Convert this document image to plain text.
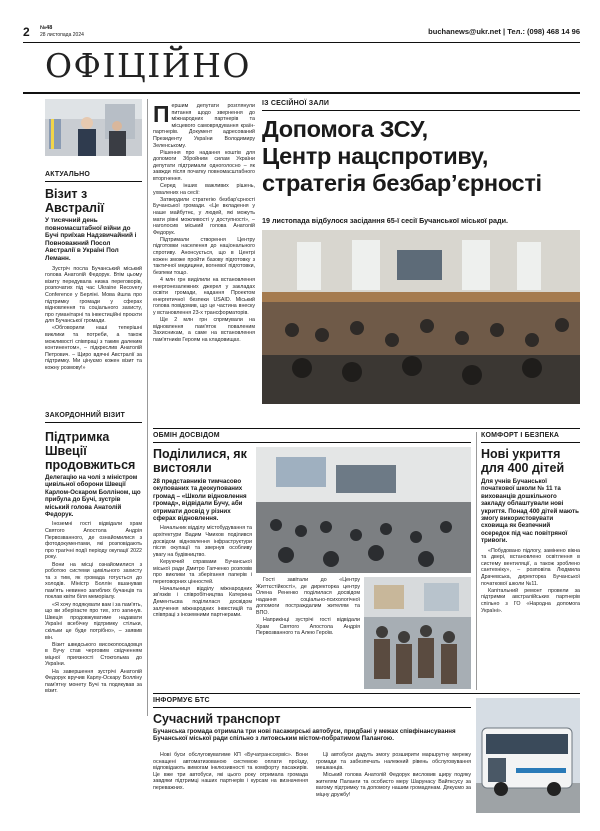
2 №48
28 листопада 2024	buchanews@ukr.net | Тел.: (098) 468 14 96
ОФІЦІЙНО
АКТУАЛЬНО
Візит з Австралії
У тисячний день повномасштабної війни до Бучі приїхав Надзвичайний і Повноважний Посол Австралії в Україні Пол Леманн.

Зустріч посла Бучанський міський голова Анатолій Федорук. Втім цьому візиту передувала низка переговорів, розпочатих під час Ukraine Recovery Conference у Берліні. Мова йшла про підтримку громади у сферах відновлення та соціального захисту, про гуманітарні та інвестиційні проєкти для Бучанської громади.

«Обговорили наші теперішні виклики та потреби, а також можливості співпраці з таким далеким континентом», – підкреслив Анатолій Петрович. – Щиро вдячні Австралії за підтримку. Ми цінуємо кожен візит та кожну розмову!»

ЗАКОРДОННИЙ ВІЗИТ
Підтримка Швеції продовжиться
Делегацію на чолі з міністром цивільної оборони Швеції Карлом-Оскаром Болліном, що прибула до Бучі, зустрів міський голова Анатолій Федорук.

Іноземні гості відвідали храм Святого Апостола Андрія Первозванного, де ознайомилися з фотодокументами, які розповідають про трагічні події періоду окупації 2022 року.

Вони на місці ознайомилися з роботою системи цивільного захисту та з тим, як громада готується до холодів. Міністр Боллін вшанував пам'ять невинно загиблих бучанців та поклав квіти біля меморіалу.

«Я хочу подякувати вам і за пам'ять, що ви зберігаєте про тих, хто загинув. Швеція продовжуватиме надавати Україні всебічну підтримку стільки, скільки це буде потрібно», – заявив він.

Візит шведського високопосадовця в Бучу став черговим свідченням міцної приязності Стокгольма до України.

На завершення зустрічі Анатолій Федорук вручив Карлу-Оскару Болліну пам'ятну монету Бучі та подякував за візит.

П ершим депутати розглянули питання щодо звернення до міжнародних партнерів та місцевого самоврядування країн-партнерів. Документ адресований Президенту України Володимиру Зеленському.

Рішення про надання коштів для допомоги Збройним силам України депутати підтримали одноголосно – як завжди після початку повномасштабного вторгнення.

Серед інших важливих рішень, ухвалених на сесії:

Затвердили стратегію безбар'єрності Бучанської громади. «Це вкладення у наше майбутнє, у людей, які можуть мати рівні можливості у доступності», – наголосив міський голова Анатолій Федорук.

Підтримали створення Центру підготовки населення до національного спротиву. Анонсується, що в Центрі кожен зможе пройти базову підготовку з тактичної медицини, вогневої підготовки, безпеки тощо.

4 млн грн виділили на встановлення енергонезалежних джерел у закладах освіти громади, надання Проектом енергетичної безпеки USAID. Міський голова повідомив, що це частина внеску у встановлення 23-х трансформаторів.

Ще 2 млн грн спрямували на відновлення пам'яток поваленим Захисникам, а саме на встановлення пам'ятників Героям на кладовищах.

ІЗ СЕСІЙНОЇ ЗАЛИ
Допомога ЗСУ,
Центр нацспротиву,
стратегія безбар’єрності
19 листопада відбулося засідання 65-ї сесії Бучанської міської ради.
ОБМІН ДОСВІДОМ
Поділилися, як вистояли
28 представників тимчасово окупованих та деокупованих громад – «Школи відновлення громад», відвідали Бучу, аби отримати досвід у різних сферах відновлення.

Начальник відділу містобудування та архітектури Вадим Чмихов поділився досвідом відновлення інфраструктури після окупації та звернув особливу увагу на будівництво.

Керуючий справами Бучанської міської ради Дмитро Гапченко розповів про виклики та зберігання паперів і переговорних цінностей.

Начальниця відділу міжнародних зв'язків і співробітництва Катерина Дементьєва поділилася досвідом залучення міжнародних інвестицій та співпраці з іноземними партнерами.

Гості завітали до «Центру Життєстійкості», де директорка центру Олена Рененко поділилася досвідом надання соціально-психологічної допомоги постраждалим жителям та ВПО.

Наприкінці зустрічі гості відвідали Храм Святого Апостола Андрія Первозванного та Алею Героїв.

КОМФОРТ І БЕЗПЕКА
Нові укриття для 400 дітей
Для учнів Бучанської початкової школи № 11 та вихованців дошкільного закладу облаштували нові укриття. Понад 400 дітей мають змогу використовувати сховища як безпечний осередок під час повітряної тривоги.

«Побудовано підлогу, замінено вікна та двері, встановлено освітлення в систему вентиляції, а також зроблено сантехніку», – розповіла Людмила Драчевська, директорка Бучанської початкової школи №11.

Капітальний ремонт провели за підтримки австралійських партнерів спільно з ГО «Народна допомога Україні».

ІНФОРМУЄ БТС
Сучасний транспорт
Бучанська громада отримала три нові пасажирські автобуси, придбані у межах співфінансування Бучанської міської ради спільно з литовським містом-побратимом Палангою.

Нові буси обслуговуватиме КП «Бучатранссервіс». Вони оснащені автоматизованою системою оплати проїзду, відповідають вимогам інклюзивності та комфорту пасажирів. Це вже три автобуси, які цього року отримала громада завдяки підтримці наших партнерів і курсам на визначення переважних.

Ці автобуси дадуть змогу розширити маршрутну мережу громади та забезпечать належний рівень обслуговування мешканців.

Міський голова Анатолій Федорук висловив щиру подяку жителям Паланги та особисто меру Шарунасу Вайтксусу за вагому підтримку та допомогу нашим громадянам. Дякуємо за міцну дружбу!
